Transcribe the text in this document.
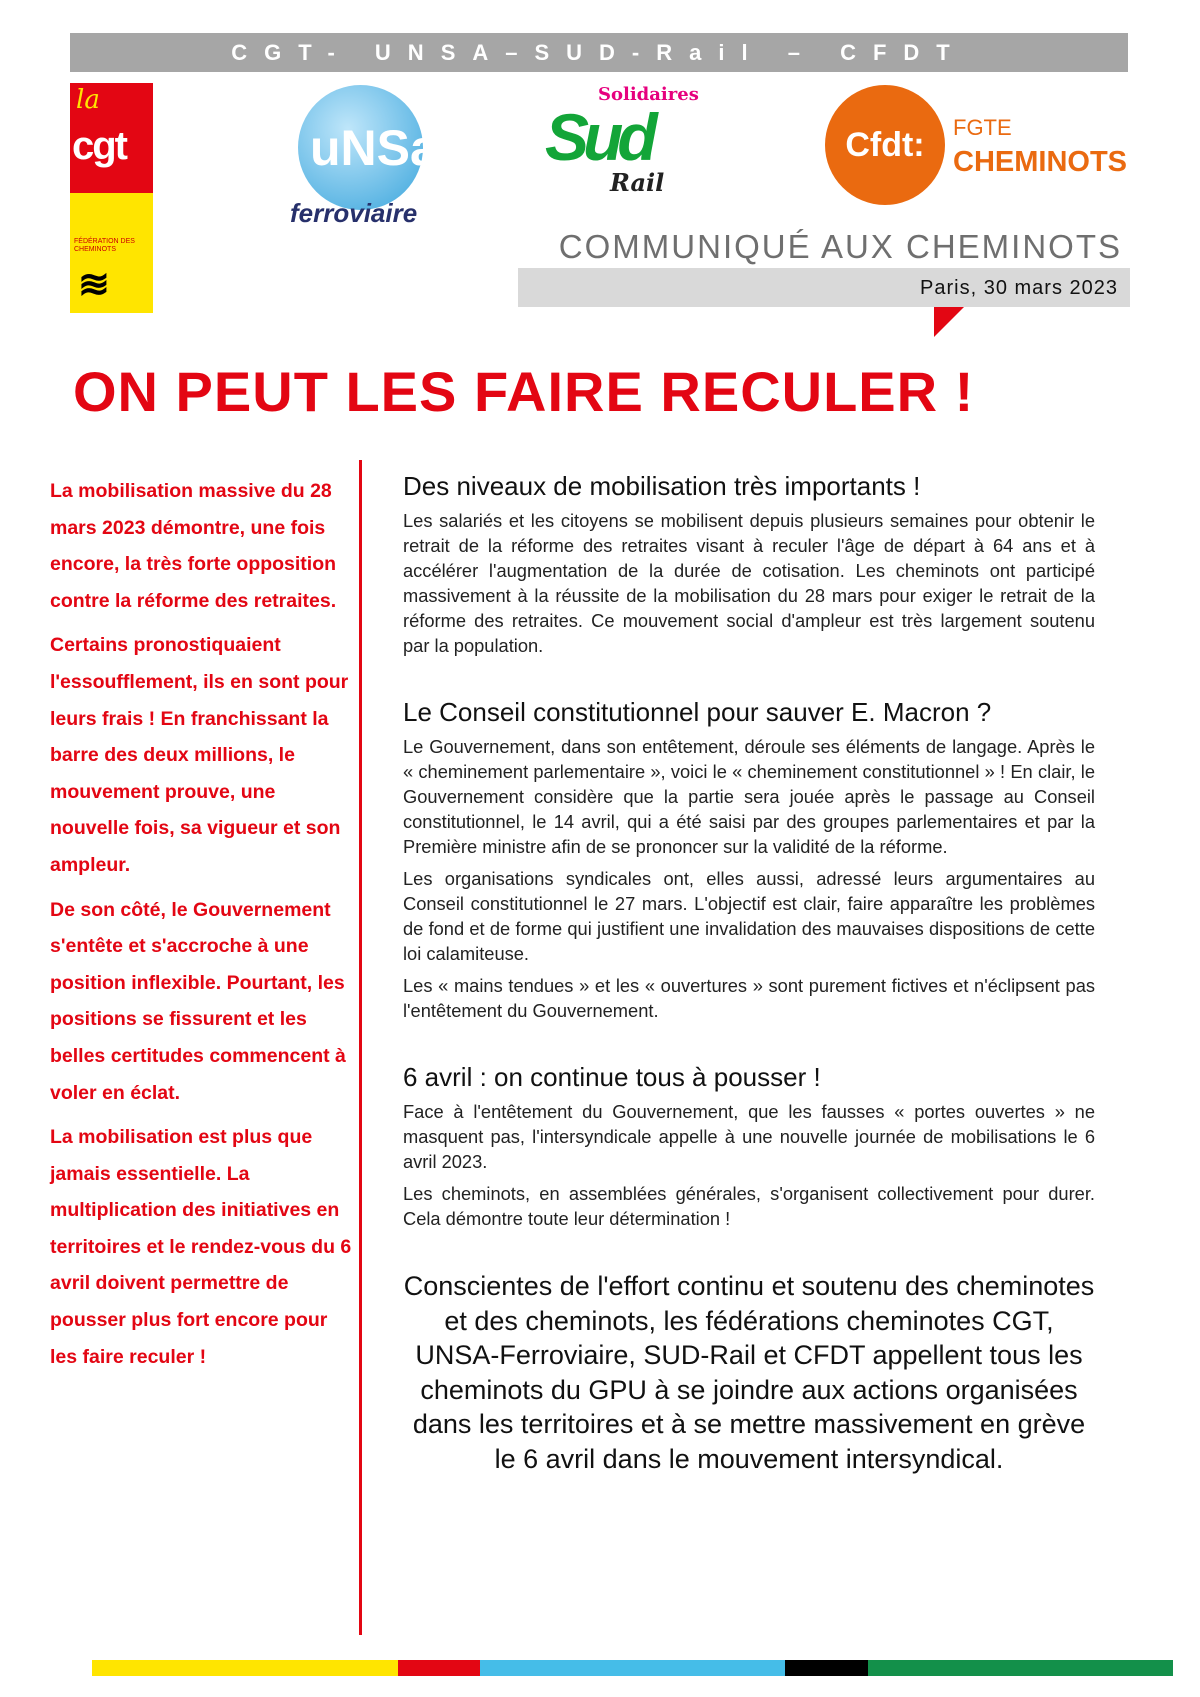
CGT- UNSA–SUD-Rail – CFDT
la
cgt
FÉDÉRATION DES CHEMINOTS
≋
uNSa
ferroviaire
Solidaires
Sud
Rail
Cfdt:	FGTE
CHEMINOTS
COMMUNIQUÉ AUX CHEMINOTS
Paris, 30 mars 2023
ON PEUT LES FAIRE RECULER !

La mobilisation massive du 28 mars 2023 démontre, une fois encore, la très forte opposition contre la réforme des retraites.

Certains pronostiquaient l'essoufflement, ils en sont pour leurs frais ! En franchissant la barre des deux millions, le mouvement prouve, une nouvelle fois, sa vigueur et son ampleur.

De son côté, le Gouvernement s'entête et s'accroche à une position inflexible. Pourtant, les positions se fissurent et les belles certitudes commencent à voler en éclat.

La mobilisation est plus que jamais essentielle. La multiplication des initiatives en territoires et le rendez-vous du 6 avril doivent permettre de pousser plus fort encore pour les faire reculer !

Des niveaux de mobilisation très importants !

Les salariés et les citoyens se mobilisent depuis plusieurs semaines pour obtenir le retrait de la réforme des retraites visant à reculer l'âge de départ à 64 ans et à accélérer l'augmentation de la durée de cotisation. Les cheminots ont participé massivement à la réussite de la mobilisation du 28 mars pour exiger le retrait de la réforme des retraites. Ce mouvement social d'ampleur est très largement soutenu par la population.

Le Conseil constitutionnel pour sauver E. Macron ?

Le Gouvernement, dans son entêtement, déroule ses éléments de langage. Après le « cheminement parlementaire », voici le « cheminement constitutionnel » ! En clair, le Gouvernement considère que la partie sera jouée après le passage au Conseil constitutionnel, le 14 avril, qui a été saisi par des groupes parlementaires et par la Première ministre afin de se prononcer sur la validité de la réforme.

Les organisations syndicales ont, elles aussi, adressé leurs argumentaires au Conseil constitutionnel le 27 mars. L'objectif est clair, faire apparaître les problèmes de fond et de forme qui justifient une invalidation des mauvaises dispositions de cette loi calamiteuse.

Les « mains tendues » et les « ouvertures » sont purement fictives et n'éclipsent pas l'entêtement du Gouvernement.

6 avril : on continue tous à pousser !

Face à l'entêtement du Gouvernement, que les fausses « portes ouvertes » ne masquent pas, l'intersyndicale appelle à une nouvelle journée de mobilisations le 6 avril 2023.

Les cheminots, en assemblées générales, s'organisent collectivement pour durer. Cela démontre toute leur détermination !

Conscientes de l'effort continu et soutenu des cheminotes et des cheminots, les fédérations cheminotes CGT, UNSA-Ferroviaire, SUD-Rail et CFDT appellent tous les cheminots du GPU à se joindre aux actions organisées dans les territoires et à se mettre massivement en grève le 6 avril dans le mouvement intersyndical.
